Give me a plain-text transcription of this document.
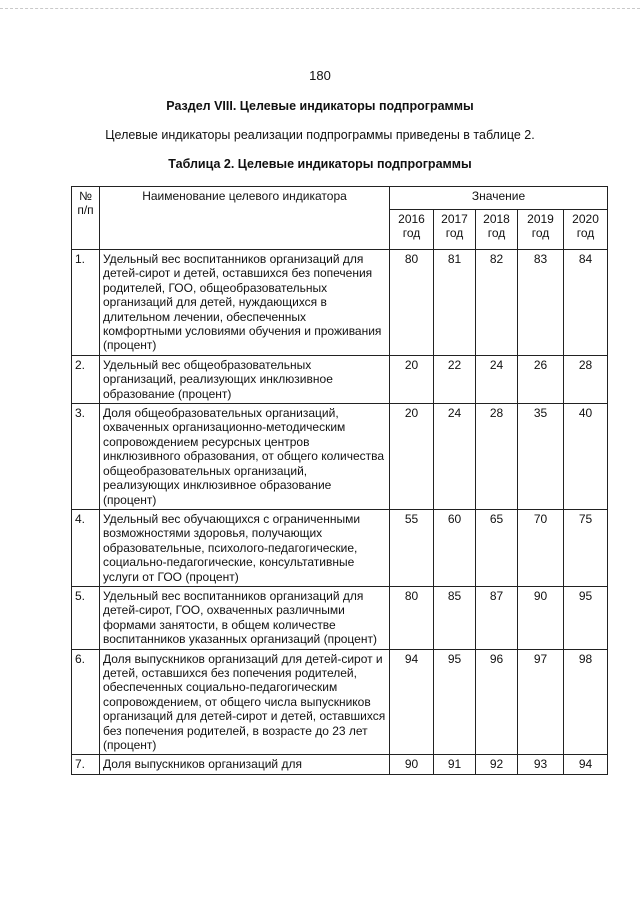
180
Раздел VIII. Целевые индикаторы подпрограммы
Целевые индикаторы реализации подпрограммы приведены в таблице 2.
Таблица 2. Целевые индикаторы подпрограммы
№ п/п	Наименование целевого индикатора	Значение				
		2016 год	2017 год	2018 год	2019 год	2020 год
1.	Удельный вес воспитанников организаций для детей-сирот и детей, оставшихся без попечения родителей, ГОО, общеобразовательных организаций для детей, нуждающихся в длительном лечении, обеспеченных комфортными условиями обучения и проживания (процент)	80	81	82	83	84
2.	Удельный вес общеобразовательных организаций, реализующих инклюзивное образование (процент)	20	22	24	26	28
3.	Доля общеобразовательных организаций, охваченных организационно-методическим сопровождением ресурсных центров инклюзивного образования, от общего количества общеобразовательных организаций, реализующих инклюзивное образование (процент)	20	24	28	35	40
4.	Удельный вес обучающихся с ограниченными возможностями здоровья, получающих образовательные, психолого-педагогические, социально-педагогические, консультативные услуги от ГОО (процент)	55	60	65	70	75
5.	Удельный вес воспитанников организаций для детей-сирот, ГОО, охваченных различными формами занятости, в общем количестве воспитанников указанных организаций (процент)	80	85	87	90	95
6.	Доля выпускников организаций для детей-сирот и детей, оставшихся без попечения родителей, обеспеченных социально-педагогическим сопровождением, от общего числа выпускников организаций для детей-сирот и детей, оставшихся без попечения родителей, в возрасте до 23 лет (процент)	94	95	96	97	98
7.	Доля выпускников организаций для	90	91	92	93	94
